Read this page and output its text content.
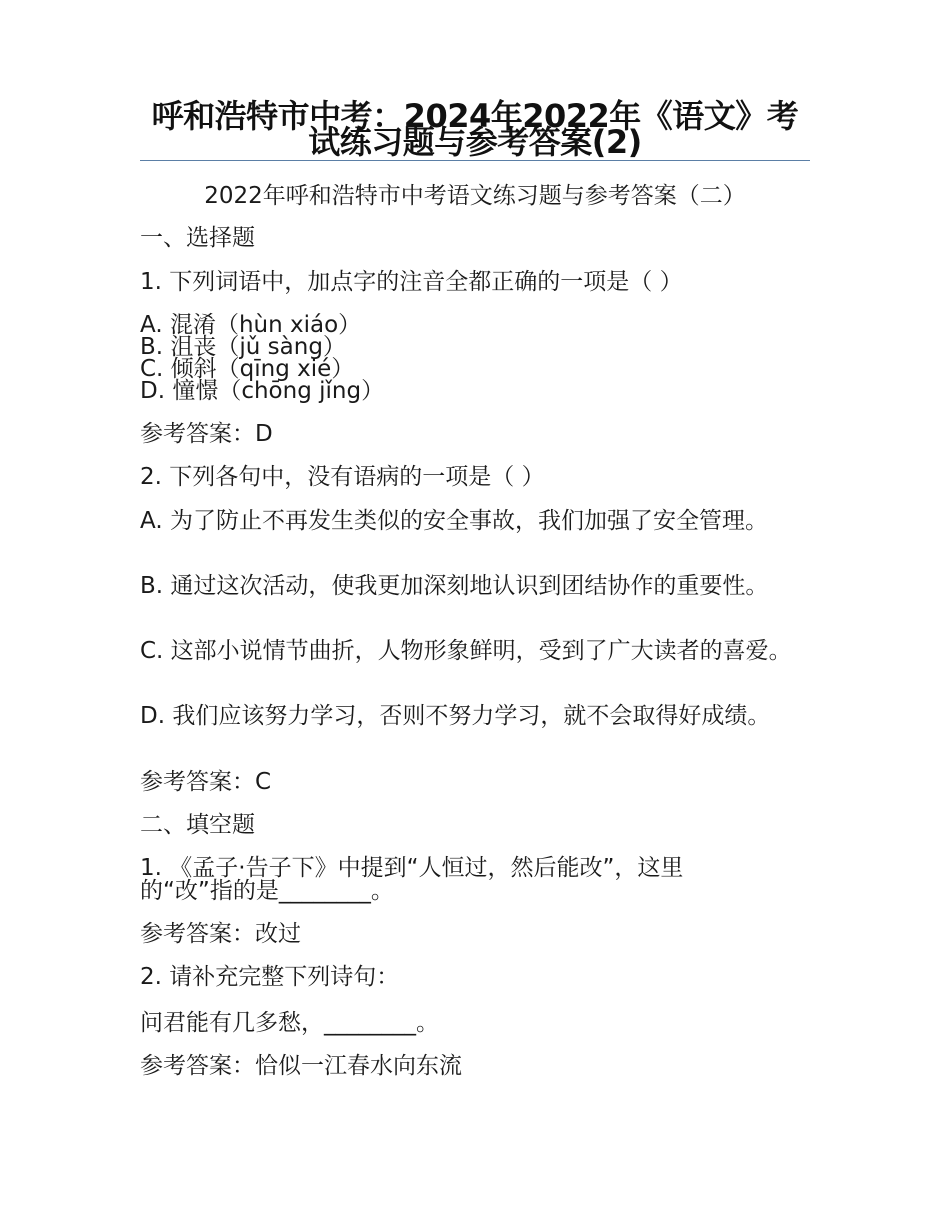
呼和浩特市中考：2024年2022年《语文》考试练习题与参考答案(2)
2022年呼和浩特市中考语文练习题与参考答案（二）
一、选择题
1. 下列词语中，加点字的注音全都正确的一项是（ ）
A. 混淆（hùn xiáo）
B. 沮丧（jǔ sàng）
C. 倾斜（qīng xié）
D. 憧憬（chōng jǐng）
参考答案：D
2. 下列各句中，没有语病的一项是（ ）
A. 为了防止不再发生类似的安全事故，我们加强了安全管理。
B. 通过这次活动，使我更加深刻地认识到团结协作的重要性。
C. 这部小说情节曲折，人物形象鲜明，受到了广大读者的喜爱。
D. 我们应该努力学习，否则不努力学习，就不会取得好成绩。
参考答案：C
二、填空题
1. 《孟子·告子下》中提到“人恒过，然后能改”，这里的“改”指的是________。
参考答案：改过
2. 请补充完整下列诗句：
问君能有几多愁，________。
参考答案：恰似一江春水向东流
